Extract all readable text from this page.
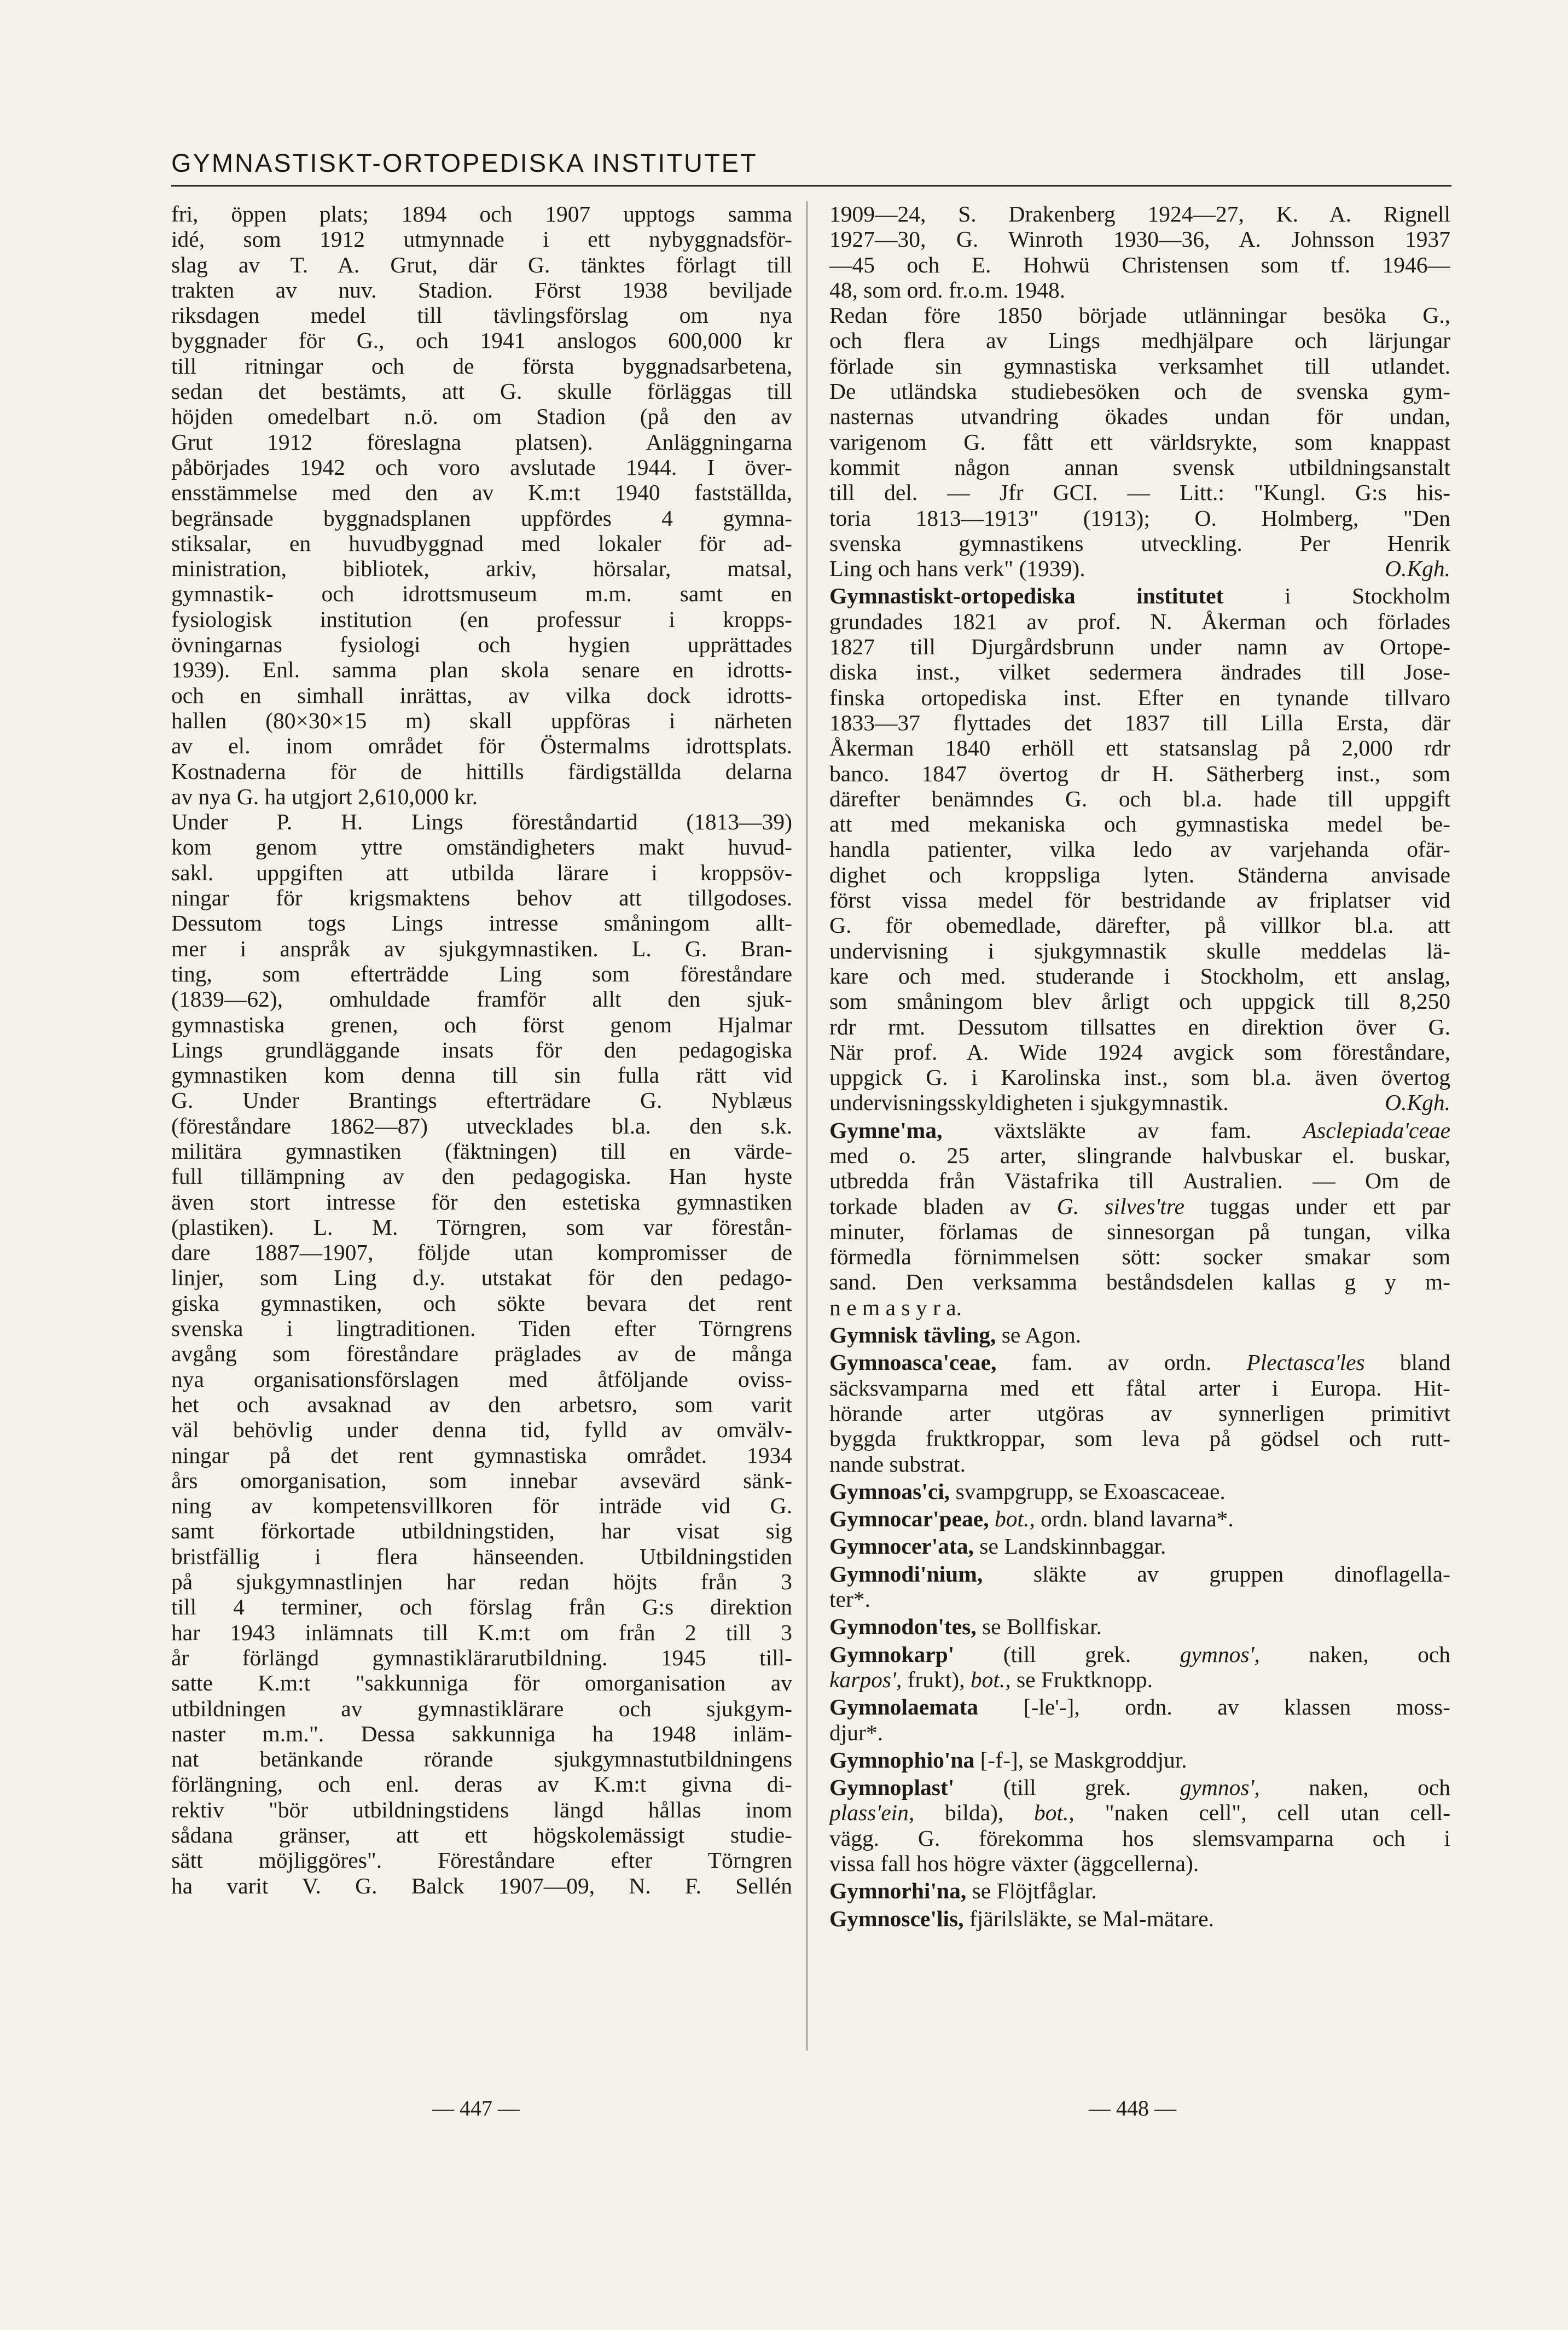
GYMNASTISKT-ORTOPEDISKA INSTITUTET
fri, öppen plats; 1894 och 1907 upptogs samma
idé, som 1912 utmynnade i ett nybyggnadsför-
slag av T. A. Grut, där G. tänktes förlagt till
trakten av nuv. Stadion. Först 1938 beviljade
riksdagen medel till tävlingsförslag om nya
byggnader för G., och 1941 anslogos 600,000 kr
till ritningar och de första byggnadsarbetena,
sedan det bestämts, att G. skulle förläggas till
höjden omedelbart n.ö. om Stadion (på den av
Grut 1912 föreslagna platsen). Anläggningarna
påbörjades 1942 och voro avslutade 1944. I över-
ensstämmelse med den av K.m:t 1940 fastställda,
begränsade byggnadsplanen uppfördes 4 gymna-
stiksalar, en huvudbyggnad med lokaler för ad-
ministration, bibliotek, arkiv, hörsalar, matsal,
gymnastik- och idrottsmuseum m.m. samt en
fysiologisk institution (en professur i kropps-
övningarnas fysiologi och hygien upprättades
1939). Enl. samma plan skola senare en idrotts-
och en simhall inrättas, av vilka dock idrotts-
hallen (80×30×15 m) skall uppföras i närheten
av el. inom området för Östermalms idrottsplats.
Kostnaderna för de hittills färdigställda delarna
av nya G. ha utgjort 2,610,000 kr.
Under P. H. Lings föreståndartid (1813—39)
kom genom yttre omständigheters makt huvud-
sakl. uppgiften att utbilda lärare i kroppsöv-
ningar för krigsmaktens behov att tillgodoses.
Dessutom togs Lings intresse småningom allt-
mer i anspråk av sjukgymnastiken. L. G. Bran-
ting, som efterträdde Ling som föreståndare
(1839—62), omhuldade framför allt den sjuk-
gymnastiska grenen, och först genom Hjalmar
Lings grundläggande insats för den pedagogiska
gymnastiken kom denna till sin fulla rätt vid
G. Under Brantings efterträdare G. Nyblæus
(föreståndare 1862—87) utvecklades bl.a. den s.k.
militära gymnastiken (fäktningen) till en värde-
full tillämpning av den pedagogiska. Han hyste
även stort intresse för den estetiska gymnastiken
(plastiken). L. M. Törngren, som var förestån-
dare 1887—1907, följde utan kompromisser de
linjer, som Ling d.y. utstakat för den pedago-
giska gymnastiken, och sökte bevara det rent
svenska i lingtraditionen. Tiden efter Törngrens
avgång som föreståndare präglades av de många
nya organisationsförslagen med åtföljande oviss-
het och avsaknad av den arbetsro, som varit
väl behövlig under denna tid, fylld av omvälv-
ningar på det rent gymnastiska området. 1934
års omorganisation, som innebar avsevärd sänk-
ning av kompetensvillkoren för inträde vid G.
samt förkortade utbildningstiden, har visat sig
bristfällig i flera hänseenden. Utbildningstiden
på sjukgymnastlinjen har redan höjts från 3
till 4 terminer, och förslag från G:s direktion
har 1943 inlämnats till K.m:t om från 2 till 3
år förlängd gymnastiklärarutbildning. 1945 till-
satte K.m:t "sakkunniga för omorganisation av
utbildningen av gymnastiklärare och sjukgym-
naster m.m.". Dessa sakkunniga ha 1948 inläm-
nat betänkande rörande sjukgymnastutbildningens
förlängning, och enl. deras av K.m:t givna di-
rektiv "bör utbildningstidens längd hållas inom
sådana gränser, att ett högskolemässigt studie-
sätt möjliggöres". Föreståndare efter Törngren
ha varit V. G. Balck 1907—09, N. F. Sellén

1909—24, S. Drakenberg 1924—27, K. A. Rignell
1927—30, G. Winroth 1930—36, A. Johnsson 1937
—45 och E. Hohwü Christensen som tf. 1946—
48, som ord. fr.o.m. 1948.

Redan före 1850 började utlänningar besöka G.,
och flera av Lings medhjälpare och lärjungar
förlade sin gymnastiska verksamhet till utlandet.
De utländska studiebesöken och de svenska gym-
nasternas utvandring ökades undan för undan,
varigenom G. fått ett världsrykte, som knappast
kommit någon annan svensk utbildningsanstalt
till del. — Jfr GCI. — Litt.: "Kungl. G:s his-
toria 1813—1913" (1913); O. Holmberg, "Den
svenska gymnastikens utveckling. Per Henrik

Ling och hans verk" (1939).	O.Kgh.

Gymnastiskt-ortopediska institutet i Stockholm
grundades 1821 av prof. N. Åkerman och förlades
1827 till Djurgårdsbrunn under namn av Ortope-
diska inst., vilket sedermera ändrades till Jose-
finska ortopediska inst. Efter en tynande tillvaro
1833—37 flyttades det 1837 till Lilla Ersta, där
Åkerman 1840 erhöll ett statsanslag på 2,000 rdr
banco. 1847 övertog dr H. Sätherberg inst., som
därefter benämndes G. och bl.a. hade till uppgift
att med mekaniska och gymnastiska medel be-
handla patienter, vilka ledo av varjehanda ofär-
dighet och kroppsliga lyten. Ständerna anvisade
först vissa medel för bestridande av friplatser vid
G. för obemedlade, därefter, på villkor bl.a. att
undervisning i sjukgymnastik skulle meddelas lä-
kare och med. studerande i Stockholm, ett anslag,
som småningom blev årligt och uppgick till 8,250
rdr rmt. Dessutom tillsattes en direktion över G.
När prof. A. Wide 1924 avgick som föreståndare,
uppgick G. i Karolinska inst., som bl.a. även övertog
undervisningsskyldigheten i sjukgymnastik.	O.Kgh.

Gymne'ma, växtsläkte av fam. Asclepiada'ceae
med o. 25 arter, slingrande halvbuskar el. buskar,
utbredda från Västafrika till Australien. — Om de
torkade bladen av G. silves'tre tuggas under ett par
minuter, förlamas de sinnesorgan på tungan, vilka
förmedla förnimmelsen sött: socker smakar som
sand. Den verksamma beståndsdelen kallas g y m-
n e m a s y r a.

Gymnisk tävling, se Agon.

Gymnoasca'ceae, fam. av ordn. Plectasca'les bland
säcksvamparna med ett fåtal arter i Europa. Hit-
hörande arter utgöras av synnerligen primitivt
byggda fruktkroppar, som leva på gödsel och rutt-
nande substrat.

Gymnoas'ci, svampgrupp, se Exoascaceae.

Gymnocar'peae, bot., ordn. bland lavarna*.

Gymnocer'ata, se Landskinnbaggar.

Gymnodi'nium, släkte av gruppen dinoflagella-
ter*.

Gymnodon'tes, se Bollfiskar.

Gymnokarp' (till grek. gymnos', naken, och
karpos', frukt), bot., se Fruktknopp.

Gymnolaemata [-le'-], ordn. av klassen moss-
djur*.

Gymnophio'na [-f-], se Maskgroddjur.

Gymnoplast' (till grek. gymnos', naken, och
plass'ein, bilda), bot., "naken cell", cell utan cell-
vägg. G. förekomma hos slemsvamparna och i
vissa fall hos högre växter (äggcellerna).

Gymnorhi'na, se Flöjtfåglar.

Gymnosce'lis, fjärilsläkte, se Mal-mätare.

— 447 —	— 448 —
